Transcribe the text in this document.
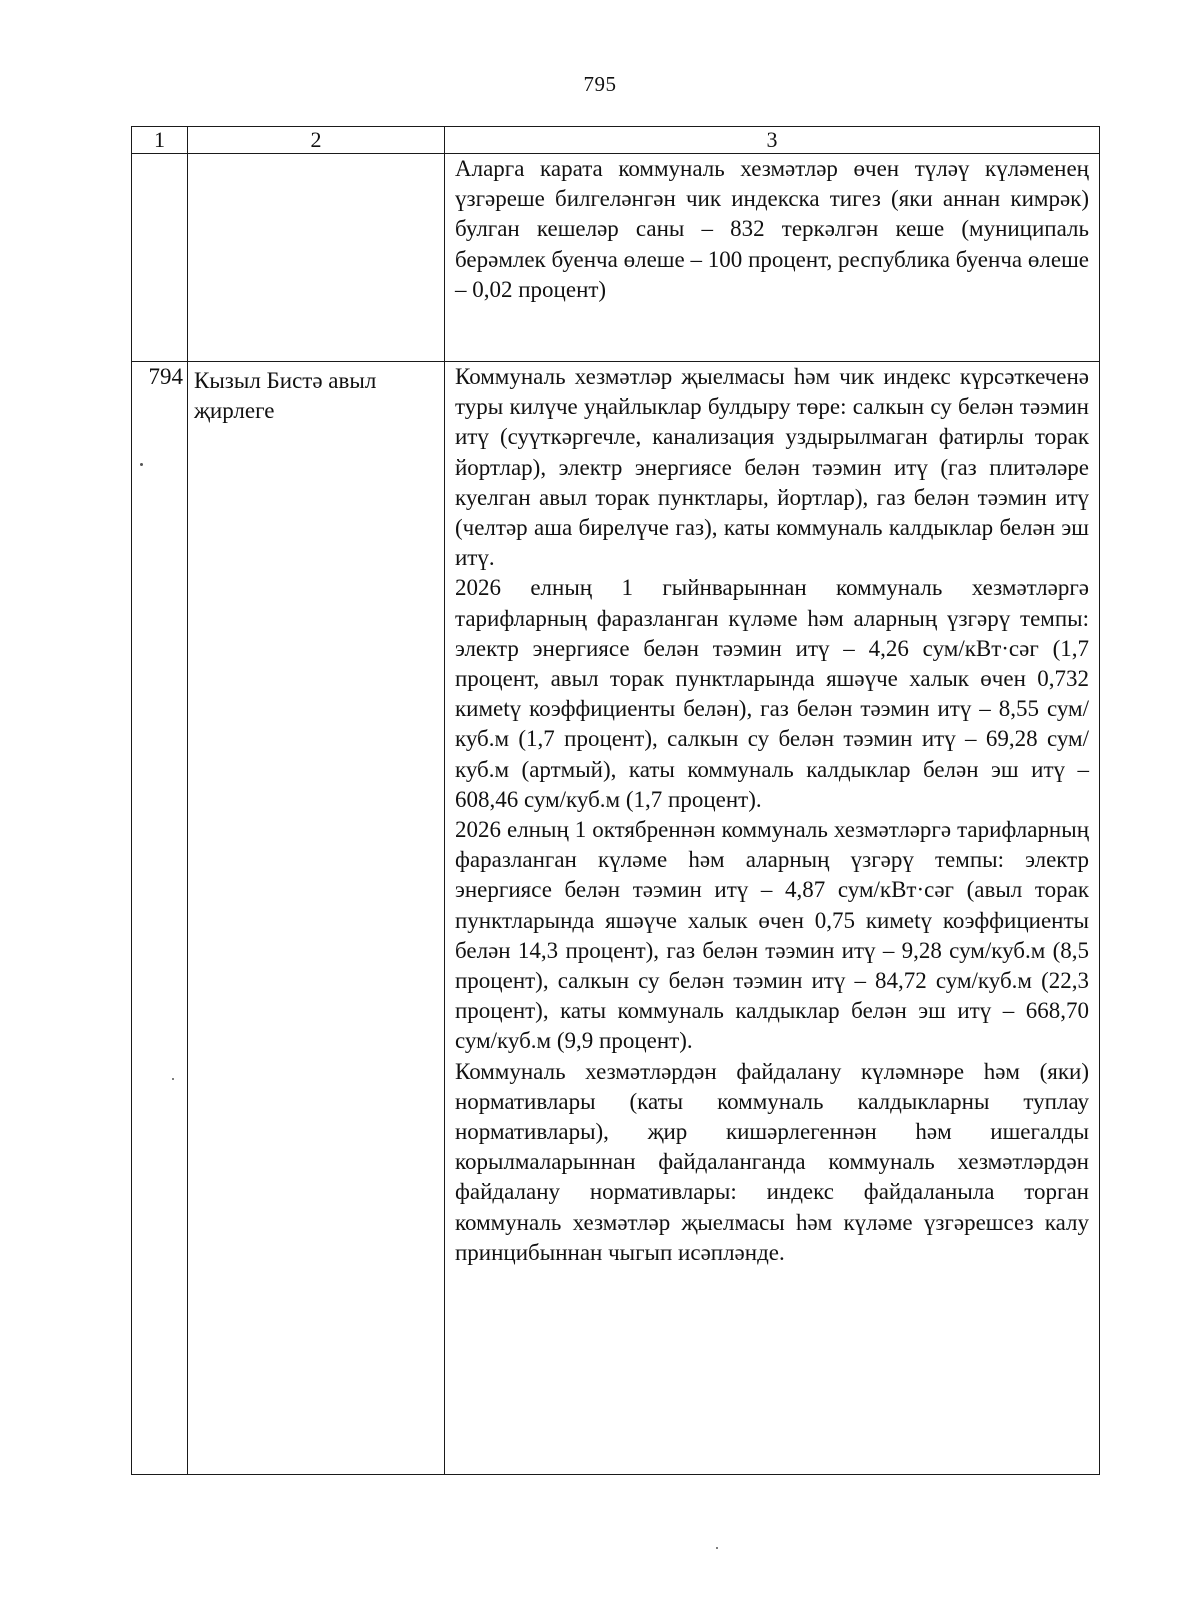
795
1	2	3

		Аларга карата коммуналь хезмәтләр өчен түләү күләменең үзгәреше билгеләнгән чик индекска тигез (яки аннан кимрәк) булган кешеләр саны – 832 теркәлгән кеше (муниципаль берәмлек буенча өлеше – 100 процент, республика буенча өлеше – 0,02 процент)

794	Кызыл Бистә авыл җирлеге	Коммуналь хезмәтләр җыелмасы һәм чик индекс күрсәткеченә туры килүче уңайлыклар булдыру төре: салкын су белән тәэмин итү (суүткәргечле, канализация уздырылмаган фатирлы торак йортлар), электр энергиясе белән тәэмин итү (газ плитәләре куелган авыл торак пунктлары, йортлар), газ белән тәэмин итү (челтәр аша бирелүче газ), каты коммуналь калдыклар белән эш итү.

2026 елның 1 гыйнварыннан коммуналь хезмәтләргә тарифларның фаразланган күләме һәм аларның үзгәрү темпы: электр энергиясе белән тәэмин итү – 4,26 сум/кВт·сәг (1,7 процент, авыл торак пунктларында яшәүче халык өчен 0,732 кимetү коэффициенты белән), газ белән тәэмин итү – 8,55 сум/куб.м (1,7 процент), салкын су белән тәэмин итү – 69,28 сум/куб.м (артмый), каты коммуналь калдыклар белән эш итү – 608,46 сум/куб.м (1,7 процент).

2026 елның 1 октябреннән коммуналь хезмәтләргә тарифларның фаразланган күләме һәм аларның үзгәрү темпы: электр энергиясе белән тәэмин итү – 4,87 сум/кВт·сәг (авыл торак пунктларында яшәүче халык өчен 0,75 кимetү коэффициенты белән 14,3 процент), газ белән тәэмин итү – 9,28 сум/куб.м (8,5 процент), салкын су белән тәэмин итү – 84,72 сум/куб.м (22,3 процент), каты коммуналь калдыклар белән эш итү – 668,70 сум/куб.м (9,9 процент).

Коммуналь хезмәтләрдән файдалану күләмнәре һәм (яки) нормативлары (каты коммуналь калдыкларны туплау нормативлары), җир кишәрлегеннән һәм ишегалды корылмаларыннан файдаланганда коммуналь хезмәтләрдән файдалану нормативлары: индекс файдаланыла торган коммуналь хезмәтләр җыелмасы һәм күләме үзгәрешсез калу принцибыннан чыгып исәпләнде.
